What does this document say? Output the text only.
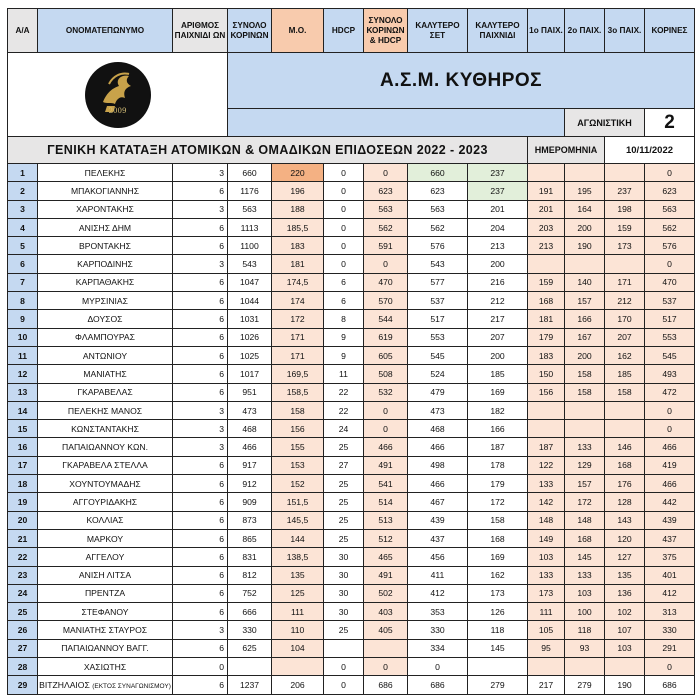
2009			Α.Σ.Μ. ΚΥΘΗΡΟΣ									
										ΑΓΩΝΙΣΤΙΚΗ		2
ΓΕΝΙΚΗ ΚΑΤΑΤΑΞΗ ΑΤΟΜΙΚΩΝ & ΟΜΑΔΙΚΩΝ ΕΠΙΔΟΣΕΩΝ 2022 - 2023									ΗΜΕΡΟΜΗΝΙΑ		10/11/2022	
Α/Α	ΟΝΟΜΑΤΕΠΩΝΥΜΟ	ΑΡΙΘΜΟΣ ΠΑΙΧΝΙΔΙ ΩΝ	ΣΥΝΟΛΟ ΚΟΡΙΝΩΝ	Μ.Ο.	HDCP	ΣΥΝΟΛΟ ΚΟΡΙΝΩΝ & HDCP	ΚΑΛΥΤΕΡΟ ΣΕΤ	ΚΑΛΥΤΕΡΟ ΠΑΙΧΝΙΔΙ	1ο ΠΑΙΧ.	2ο ΠΑΙΧ.	3ο ΠΑΙΧ.	ΚΟΡΙΝΕΣ
1	ΠΕΛΕΚΗΣ	3	660	220	0	0	660	237				0
2	ΜΠΑΚΟΓΙΑΝΝΗΣ	6	1176	196	0	623	623	237	191	195	237	623
3	ΧΑΡΟΝΤΑΚΗΣ	3	563	188	0	563	563	201	201	164	198	563
4	ΑΝΙΣΗΣ ΔΗΜ	6	1113	185,5	0	562	562	204	203	200	159	562
5	ΒΡΟΝΤΑΚΗΣ	6	1100	183	0	591	576	213	213	190	173	576
6	ΚΑΡΠΟΔΙΝΗΣ	3	543	181	0	0	543	200				0
7	ΚΑΡΠΑΘΑΚΗΣ	6	1047	174,5	6	470	577	216	159	140	171	470
8	ΜΥΡΣΙΝΙΑΣ	6	1044	174	6	570	537	212	168	157	212	537
9	ΔΟΥΣΟΣ	6	1031	172	8	544	517	217	181	166	170	517
10	ΦΛΑΜΠΟΥΡΑΣ	6	1026	171	9	619	553	207	179	167	207	553
11	ΑΝΤΩΝΙΟΥ	6	1025	171	9	605	545	200	183	200	162	545
12	ΜΑΝΙΑΤΗΣ	6	1017	169,5	11	508	524	185	150	158	185	493
13	ΓΚΑΡΑΒΕΛΑΣ	6	951	158,5	22	532	479	169	156	158	158	472
14	ΠΕΛΕΚΗΣ ΜΑΝΟΣ	3	473	158	22	0	473	182				0
15	ΚΩΝΣΤΑΝΤΑΚΗΣ	3	468	156	24	0	468	166				0
16	ΠΑΠΑΙΩΑΝΝΟΥ ΚΩΝ.	3	466	155	25	466	466	187	187	133	146	466
17	ΓΚΑΡΑΒΕΛΑ ΣΤΕΛΛΑ	6	917	153	27	491	498	178	122	129	168	419
18	ΧΟΥΝΤΟΥΜΑΔΗΣ	6	912	152	25	541	466	179	133	157	176	466
19	ΑΓΓΟΥΡΙΔΑΚΗΣ	6	909	151,5	25	514	467	172	142	172	128	442
20	ΚΟΛΛΙΑΣ	6	873	145,5	25	513	439	158	148	148	143	439
21	ΜΑΡΚΟΥ	6	865	144	25	512	437	168	149	168	120	437
22	ΑΓΓΕΛΟΥ	6	831	138,5	30	465	456	169	103	145	127	375
23	ΑΝΙΣΗ ΛΙΤΣΑ	6	812	135	30	491	411	162	133	133	135	401
24	ΠΡΕΝΤΖΑ	6	752	125	30	502	412	173	173	103	136	412
25	ΣΤΕΦΑΝΟΥ	6	666	111	30	403	353	126	111	100	102	313
26	ΜΑΝΙΑΤΗΣ ΣΤΑΥΡΟΣ	3	330	110	25	405	330	118	105	118	107	330
27	ΠΑΠΑΙΩΑΝΝΟΥ ΒΑΓΓ.	6	625	104			334	145	95	93	103	291
28	ΧΑΣΙΩΤΗΣ	0			0	0	0					0
29	ΒΙΤΖΗΛΑΙΟΣ (ΕΚΤΟΣ ΣΥΝΑΓΩΝΙΣΜΟΥ)	6	1237	206	0	686	686	279	217	279	190	686
